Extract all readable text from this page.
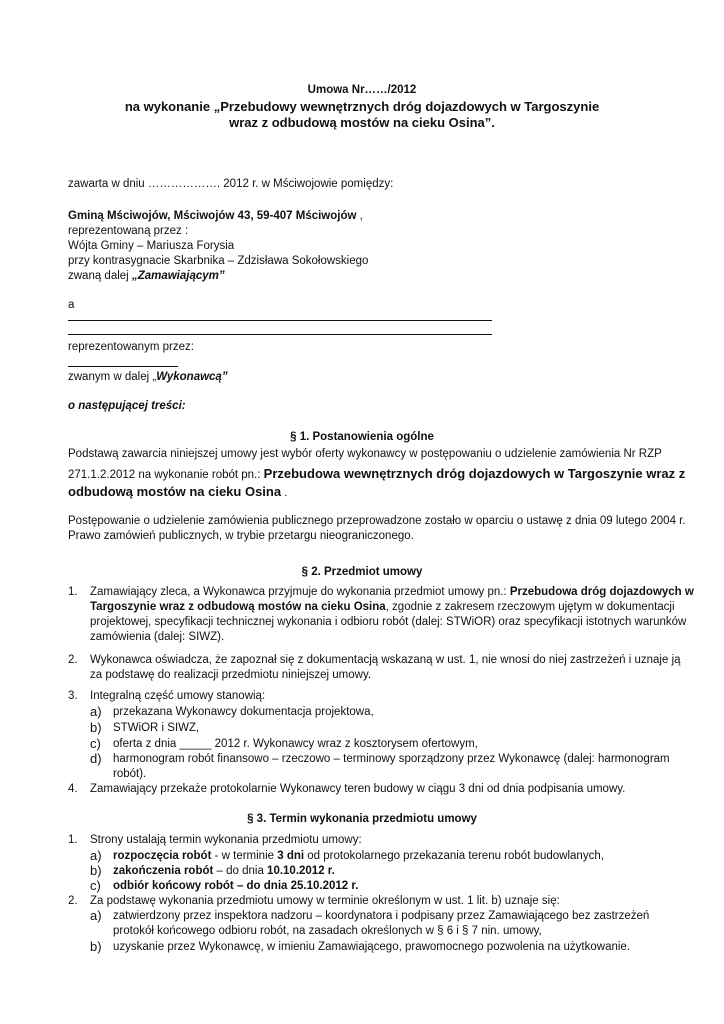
Umowa Nr……/2012
na wykonanie „Przebudowy wewnętrznych dróg dojazdowych w Targoszynie
wraz z odbudową mostów na cieku Osina”.
zawarta w dniu ………………. 2012 r. w Mściwojowie pomiędzy:
Gminą Mściwojów, Mściwojów 43, 59-407 Mściwojów ,
reprezentowaną przez :
Wójta Gminy – Mariusza Forysia
przy kontrasygnacie Skarbnika – Zdzisława Sokołowskiego
zwaną dalej „Zamawiającym”
a
reprezentowanym przez:
zwanym w dalej „Wykonawcą”
o następującej treści:
§ 1. Postanowienia ogólne
Podstawą zawarcia niniejszej umowy jest wybór oferty wykonawcy w postępowaniu o udzielenie zamówienia Nr RZP
271.1.2.2012 na wykonanie robót pn.: Przebudowa wewnętrznych dróg dojazdowych w Targoszynie wraz z
odbudową mostów na cieku Osina .
Postępowanie o udzielenie zamówienia publicznego przeprowadzone zostało w oparciu o ustawę z dnia 09 lutego 2004 r.
Prawo zamówień publicznych, w trybie przetargu nieograniczonego.
§ 2. Przedmiot umowy
1. Zamawiający zleca, a Wykonawca przyjmuje do wykonania przedmiot umowy pn.: Przebudowa dróg dojazdowych w
Targoszynie wraz z odbudową mostów na cieku Osina, zgodnie z zakresem rzeczowym ujętym w dokumentacji
projektowej, specyfikacji technicznej wykonania i odbioru robót (dalej: STWiOR) oraz specyfikacji istotnych warunków
zamówienia (dalej: SIWZ).
2. Wykonawca oświadcza, że zapoznał się z dokumentacją wskazaną w ust. 1, nie wnosi do niej zastrzeżeń i uznaje ją
za podstawę do realizacji przedmiotu niniejszej umowy.
3. Integralną część umowy stanowią:
a) przekazana Wykonawcy dokumentacja projektowa,
b) STWiOR i SIWZ,
c) oferta z dnia _____ 2012 r. Wykonawcy wraz z kosztorysem ofertowym,
d) harmonogram robót finansowo – rzeczowo – terminowy sporządzony przez Wykonawcę (dalej: harmonogram
robót).
4. Zamawiający przekaże protokolarnie Wykonawcy teren budowy w ciągu 3 dni od dnia podpisania umowy.
§ 3. Termin wykonania przedmiotu umowy
1. Strony ustalają termin wykonania przedmiotu umowy:
a) rozpoczęcia robót - w terminie 3 dni od protokolarnego przekazania terenu robót budowlanych,
b) zakończenia robót – do dnia 10.10.2012 r.
c) odbiór końcowy robót – do dnia 25.10.2012 r.
2. Za podstawę wykonania przedmiotu umowy w terminie określonym w ust. 1 lit. b) uznaje się:
a) zatwierdzony przez inspektora nadzoru – koordynatora i podpisany przez Zamawiającego bez zastrzeżeń
protokół końcowego odbioru robót, na zasadach określonych w § 6 i § 7 nin. umowy,
b) uzyskanie przez Wykonawcę, w imieniu Zamawiającego, prawomocnego pozwolenia na użytkowanie.
